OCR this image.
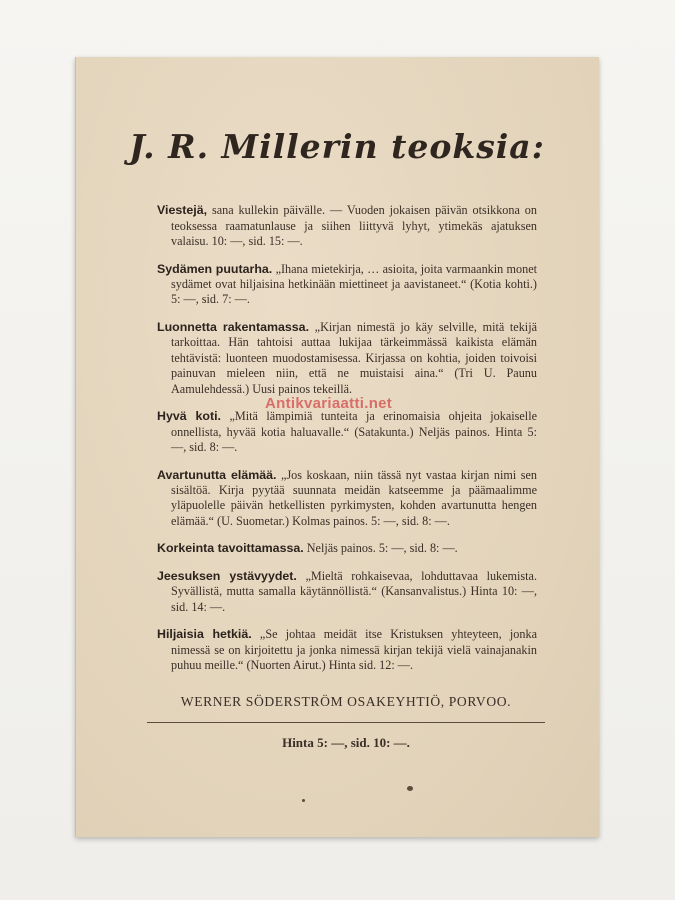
J. R. Millerin teoksia:

Viestejä, sana kullekin päivälle. — Vuoden jokaisen päivän otsikkona on teoksessa raamatunlause ja siihen liittyvä lyhyt, ytimekäs ajatuksen valaisu. 10: —, sid. 15: —.

Sydämen puutarha. „Ihana mietekirja, … asioita, joita varmaankin monet sydämet ovat hiljaisina hetkinään miettineet ja aavistaneet.“ (Kotia kohti.) 5: —, sid. 7: —.

Luonnetta rakentamassa. „Kirjan nimestä jo käy selville, mitä tekijä tarkoittaa. Hän tahtoisi auttaa lukijaa tärkeimmässä kaikista elämän tehtävistä: luonteen muodostamisessa. Kirjassa on kohtia, joiden toivoisi painuvan mieleen niin, että ne muistaisi aina.“ (Tri U. Paunu Aamulehdessä.) Uusi painos tekeillä.

Hyvä koti. „Mitä lämpimiä tunteita ja erinomaisia ohjeita jokaiselle onnellista, hyvää kotia haluavalle.“ (Satakunta.) Neljäs painos. Hinta 5: —, sid. 8: —.

Avartunutta elämää. „Jos koskaan, niin tässä nyt vastaa kirjan nimi sen sisältöä. Kirja pyytää suunnata meidän katseemme ja päämaalimme yläpuolelle päivän hetkellisten pyrkimysten, kohden avartunutta hengen elämää.“ (U. Suometar.) Kolmas painos. 5: —, sid. 8: —.

Korkeinta tavoittamassa. Neljäs painos. 5: —, sid. 8: —.

Jeesuksen ystävyydet. „Mieltä rohkaisevaa, lohduttavaa lukemista. Syvällistä, mutta samalla käytännöllistä.“ (Kansanvalistus.) Hinta 10: —, sid. 14: —.

Hiljaisia hetkiä. „Se johtaa meidät itse Kristuksen yhteyteen, jonka nimessä se on kirjoitettu ja jonka nimessä kirjan tekijä vielä vainajanakin puhuu meille.“ (Nuorten Airut.) Hinta sid. 12: —.

WERNER SÖDERSTRÖM OSAKEYHTIÖ, PORVOO.
Hinta 5: —, sid. 10: —.
Antikvariaatti.net
